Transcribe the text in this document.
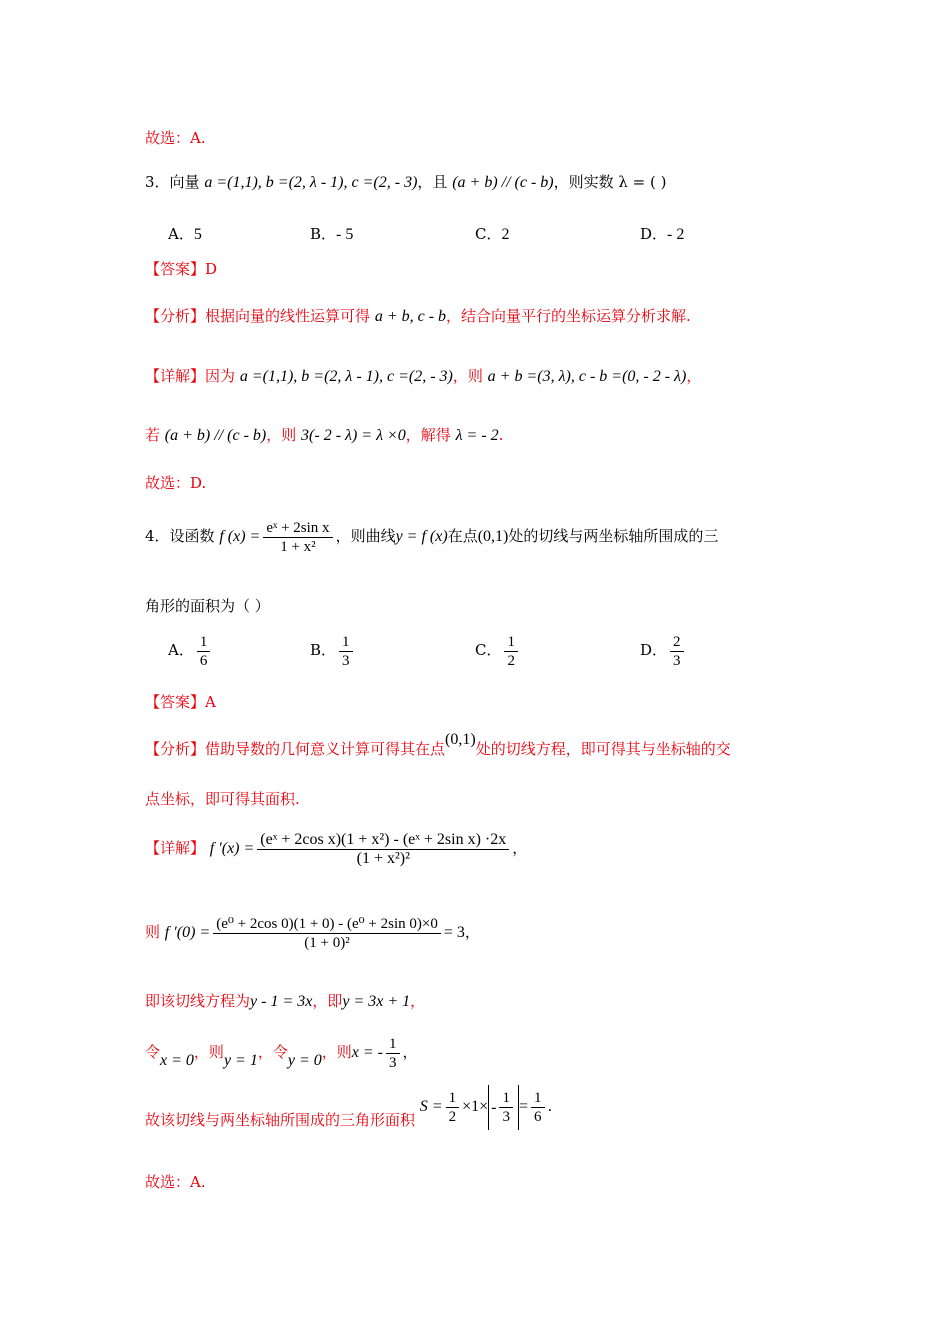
故选：A.
3．向量 a =(1,1), b =(2, λ - 1), c =(2, - 3)，且 (a + b) // (c - b)，则实数 λ = ( )
A．5	B．- 5	C．2	D．- 2
【答案】D
【分析】根据向量的线性运算可得 a + b, c - b，结合向量平行的坐标运算分析求解.
【详解】因为 a =(1,1), b =(2, λ - 1), c =(2, - 3)，则 a + b =(3, λ), c - b =(0, - 2 - λ)，
若 (a + b) // (c - b)，则 3(- 2 - λ) = λ ×0，解得 λ = - 2.
故选：D.
4．设函数 f $(x) = \frac{\text{eˣ + 2sin x}}{\text{1 + x²}}$ ，则曲线y = f (x)在点(0,1)处的切线与两坐标轴所围成的三
角形的面积为（ ）
A． $\frac{1}{6}$	B． $\frac{1}{3}$	C． $\frac{1}{2}$	D． $\frac{2}{3}$
【答案】A
【分析】借助导数的几何意义计算可得其在点(0,1)处的切线方程，即可得其与坐标轴的交
点坐标，即可得其面积.
【详解】 f $'(x) = \frac{\text{(eˣ + 2cos x)(1 + x²) - (eˣ + 2sin x) ·2x}}{\text{(1 + x²)²}}$ ，
则 f $'(0) = \frac{\text{(e⁰ + 2cos 0)(1 + 0) - (e⁰ + 2sin 0)×0}}{\text{(1 + 0)²}} = 3$，
即该切线方程为y - 1 = 3x，即y = 3x + 1，
令x = 0，则y = 1，令y = 0，则x = - $\frac{1}{3}$ ，
故该切线与两坐标轴所围成的三角形面积 $S = \frac{1}{2} \times 1\times - \frac{1}{3} = \frac{1}{6}$ .
故选：A.
